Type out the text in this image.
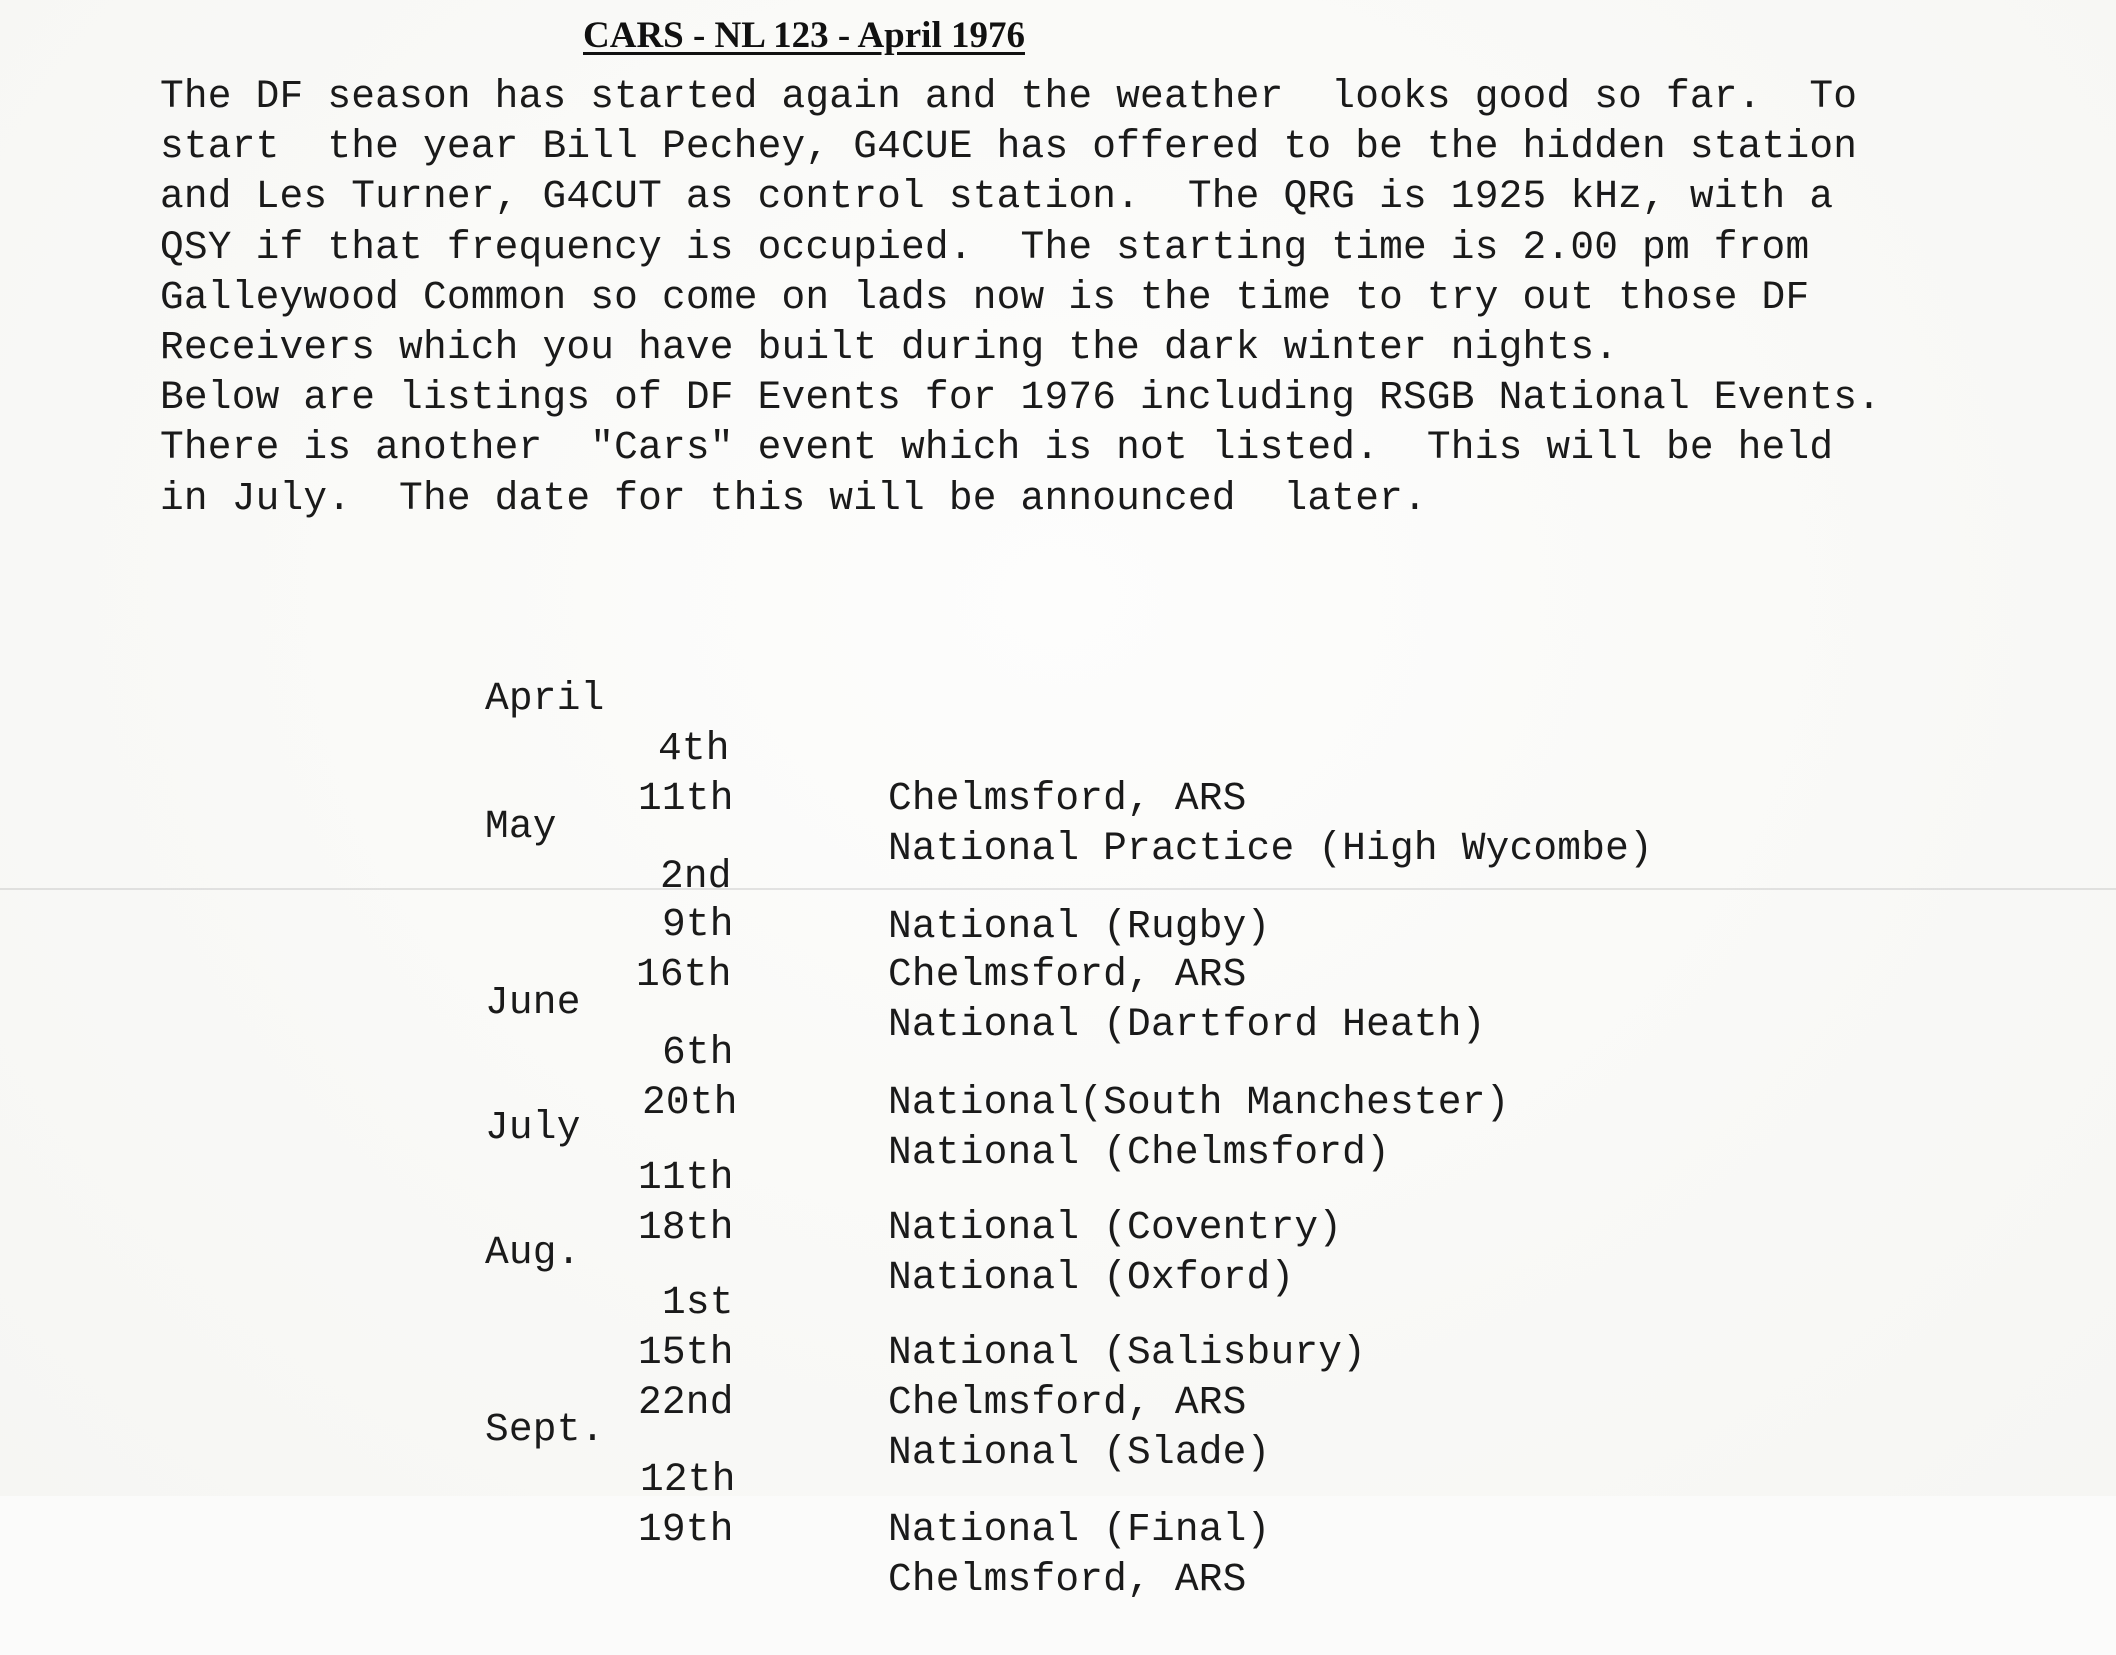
CARS - NL 123 - April 1976
The DF season has started again and the weather  looks good so far.  To
start  the year Bill Pechey, G4CUE has offered to be the hidden station
and Les Turner, G4CUT as control station.  The QRG is 1925 kHz, with a
QSY if that frequency is occupied.  The starting time is 2.00 pm from
Galleywood Common so come on lads now is the time to try out those DF
Receivers which you have built during the dark winter nights.
Below are listings of DF Events for 1976 including RSGB National Events.
There is another  "Cars" event which is not listed.  This will be held
in July.  The date for this will be announced  later.

April

4th

Chelmsford, ARS

11th

National Practice (High Wycombe)

May

2nd

National (Rugby)

9th

Chelmsford, ARS

16th

National (Dartford Heath)

June

6th

National(South Manchester)

20th

National (Chelmsford)

July

11th

National (Coventry)

18th

National (Oxford)

Aug.

1st

National (Salisbury)

15th

Chelmsford, ARS

22nd

National (Slade)

Sept.

12th

National (Final)

19th

Chelmsford, ARS
